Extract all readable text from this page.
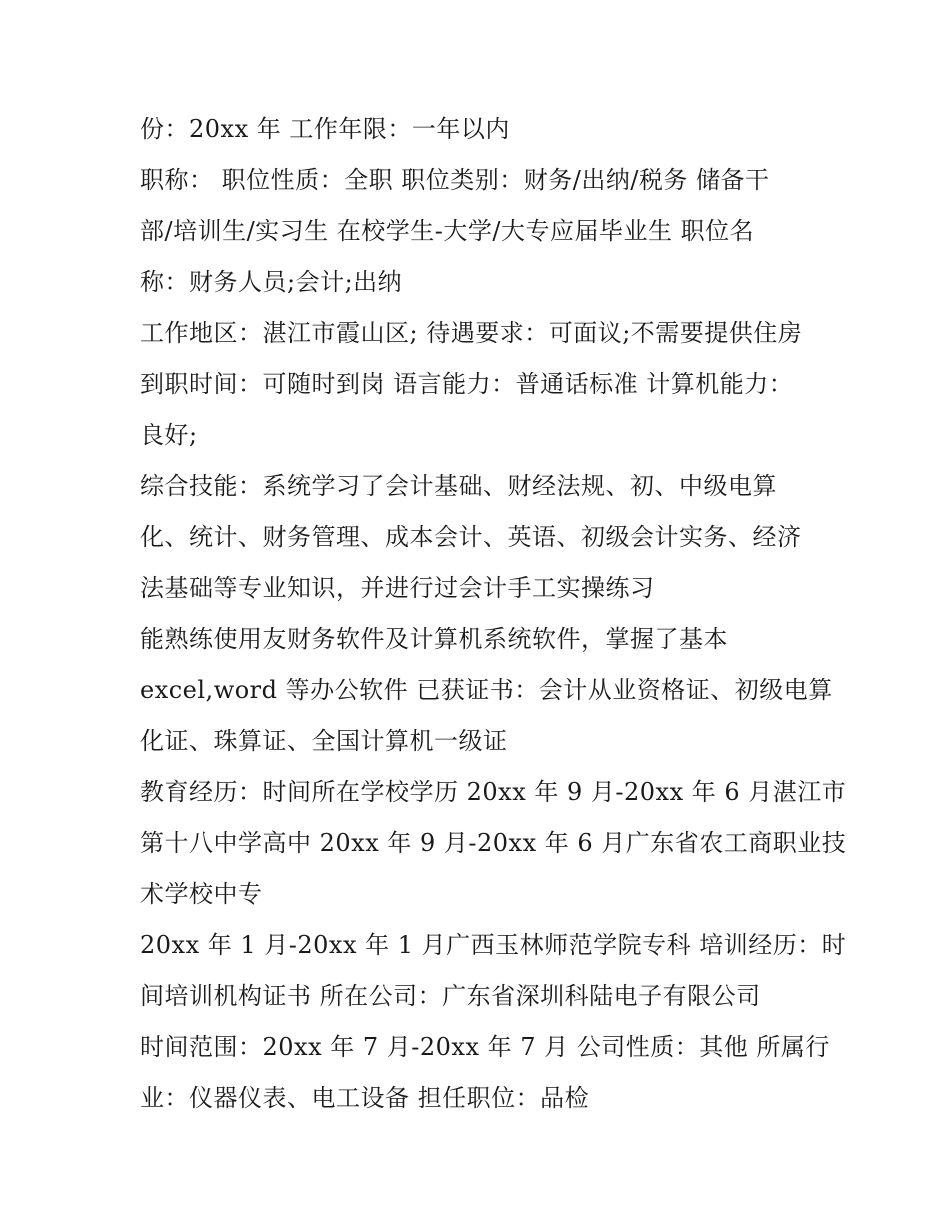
份：20xx 年 工作年限：一年以内
职称： 职位性质：全职 职位类别：财务/出纳/税务 储备干
部/培训生/实习生 在校学生-大学/大专应届毕业生 职位名
称：财务人员;会计;出纳
工作地区：湛江市霞山区; 待遇要求：可面议;不需要提供住房
到职时间：可随时到岗 语言能力：普通话标准 计算机能力：
良好;
综合技能：系统学习了会计基础、财经法规、初、中级电算
化、统计、财务管理、成本会计、英语、初级会计实务、经济
法基础等专业知识，并进行过会计手工实操练习
能熟练使用友财务软件及计算机系统软件，掌握了基本
excel,word 等办公软件 已获证书：会计从业资格证、初级电算
化证、珠算证、全国计算机一级证
教育经历：时间所在学校学历 20xx 年 9 月-20xx 年 6 月湛江市
第十八中学高中 20xx 年 9 月-20xx 年 6 月广东省农工商职业技
术学校中专
20xx 年 1 月-20xx 年 1 月广西玉林师范学院专科 培训经历：时
间培训机构证书 所在公司：广东省深圳科陆电子有限公司
时间范围：20xx 年 7 月-20xx 年 7 月 公司性质：其他 所属行
业：仪器仪表、电工设备 担任职位：品检
